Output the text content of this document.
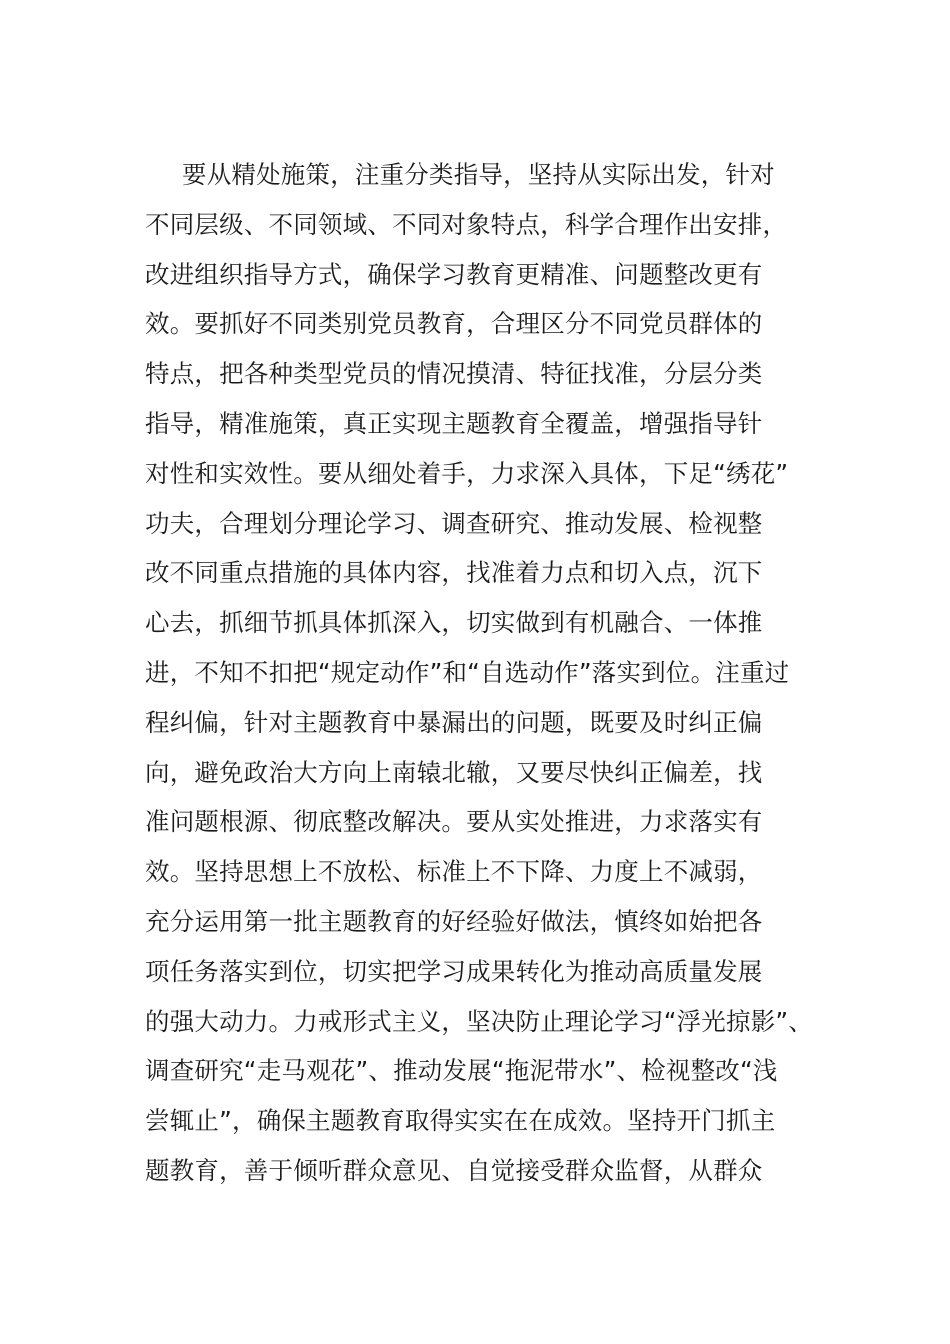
要从精处施策，注重分类指导，坚持从实际出发，针对
不同层级、不同领域、不同对象特点，科学合理作出安排，
改进组织指导方式，确保学习教育更精准、问题整改更有
效。要抓好不同类别党员教育，合理区分不同党员群体的
特点，把各种类型党员的情况摸清、特征找准，分层分类
指导，精准施策，真正实现主题教育全覆盖，增强指导针
对性和实效性。要从细处着手，力求深入具体，下足“绣花”
功夫，合理划分理论学习、调查研究、推动发展、检视整
改不同重点措施的具体内容，找准着力点和切入点，沉下
心去，抓细节抓具体抓深入，切实做到有机融合、一体推
进，不知不扣把“规定动作”和“自选动作”落实到位。注重过
程纠偏，针对主题教育中暴漏出的问题，既要及时纠正偏
向，避免政治大方向上南辕北辙，又要尽快纠正偏差，找
准问题根源、彻底整改解决。要从实处推进，力求落实有
效。坚持思想上不放松、标准上不下降、力度上不减弱，
充分运用第一批主题教育的好经验好做法，慎终如始把各
项任务落实到位，切实把学习成果转化为推动高质量发展
的强大动力。力戒形式主义，坚决防止理论学习“浮光掠影”、
调查研究“走马观花”、推动发展“拖泥带水”、检视整改“浅
尝辄止”，确保主题教育取得实实在在成效。坚持开门抓主
题教育，善于倾听群众意见、自觉接受群众监督，从群众
